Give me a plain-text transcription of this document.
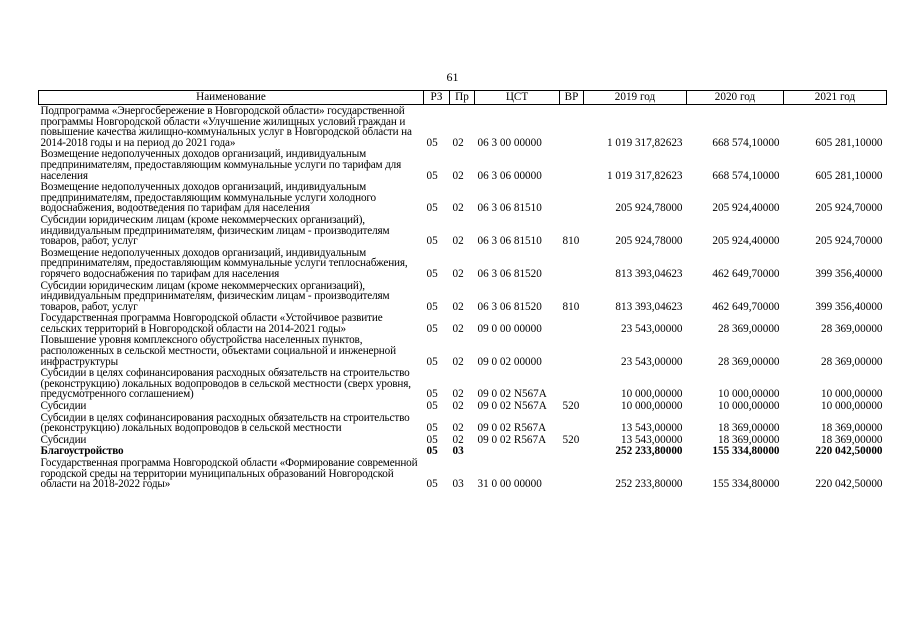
61
Наименование	РЗ	Пр	ЦСТ	ВР	2019 год	2020 год	2021 год
Подпрограмма «Энергосбережение в Новгородской области» государственной программы Новгородской области «Улучшение жилищных условий граждан и повышение качества жилищно-коммунальных услуг в Новгородской области на 2014-2018 годы и на период до 2021 года»	05	02	06 3 00 00000		1 019 317,82623	668 574,10000	605 281,10000
Возмещение недополученных доходов организаций, индивидуальным предпринимателям, предоставляющим коммунальные услуги по тарифам для населения	05	02	06 3 06 00000		1 019 317,82623	668 574,10000	605 281,10000
Возмещение недополученных доходов организаций, индивидуальным предпринимателям, предоставляющим коммунальные услуги холодного водоснабжения, водоотведения по тарифам для населения	05	02	06 3 06 81510		205 924,78000	205 924,40000	205 924,70000
Субсидии юридическим лицам (кроме некоммерческих организаций), индивидуальным предпринимателям, физическим лицам - производителям товаров, работ, услуг	05	02	06 3 06 81510	810	205 924,78000	205 924,40000	205 924,70000
Возмещение недополученных доходов организаций, индивидуальным предпринимателям, предоставляющим коммунальные услуги теплоснабжения, горячего водоснабжения по тарифам для населения	05	02	06 3 06 81520		813 393,04623	462 649,70000	399 356,40000
Субсидии юридическим лицам (кроме некоммерческих организаций), индивидуальным предпринимателям, физическим лицам - производителям товаров, работ, услуг	05	02	06 3 06 81520	810	813 393,04623	462 649,70000	399 356,40000
Государственная программа Новгородской области «Устойчивое развитие сельских территорий в Новгородской области на 2014-2021 годы»	05	02	09 0 00 00000		23 543,00000	28 369,00000	28 369,00000
Повышение уровня комплексного обустройства населенных пунктов, расположенных в сельской местности, объектами социальной и инженерной инфраструктуры	05	02	09 0 02 00000		23 543,00000	28 369,00000	28 369,00000
Субсидии в целях софинансирования расходных обязательств на строительство (реконструкцию) локальных водопроводов в сельской местности (сверх уровня, предусмотренного соглашением)	05	02	09 0 02 N567A		10 000,00000	10 000,00000	10 000,00000
Субсидии	05	02	09 0 02 N567A	520	10 000,00000	10 000,00000	10 000,00000
Субсидии в целях софинансирования расходных обязательств на строительство (реконструкцию) локальных водопроводов в сельской местности	05	02	09 0 02 R567A		13 543,00000	18 369,00000	18 369,00000
Субсидии	05	02	09 0 02 R567A	520	13 543,00000	18 369,00000	18 369,00000
Благоустройство	05	03			252 233,80000	155 334,80000	220 042,50000
Государственная программа Новгородской области «Формирование современной городской среды на территории муниципальных образований Новгородской области на 2018-2022 годы»	05	03	31 0 00 00000		252 233,80000	155 334,80000	220 042,50000
